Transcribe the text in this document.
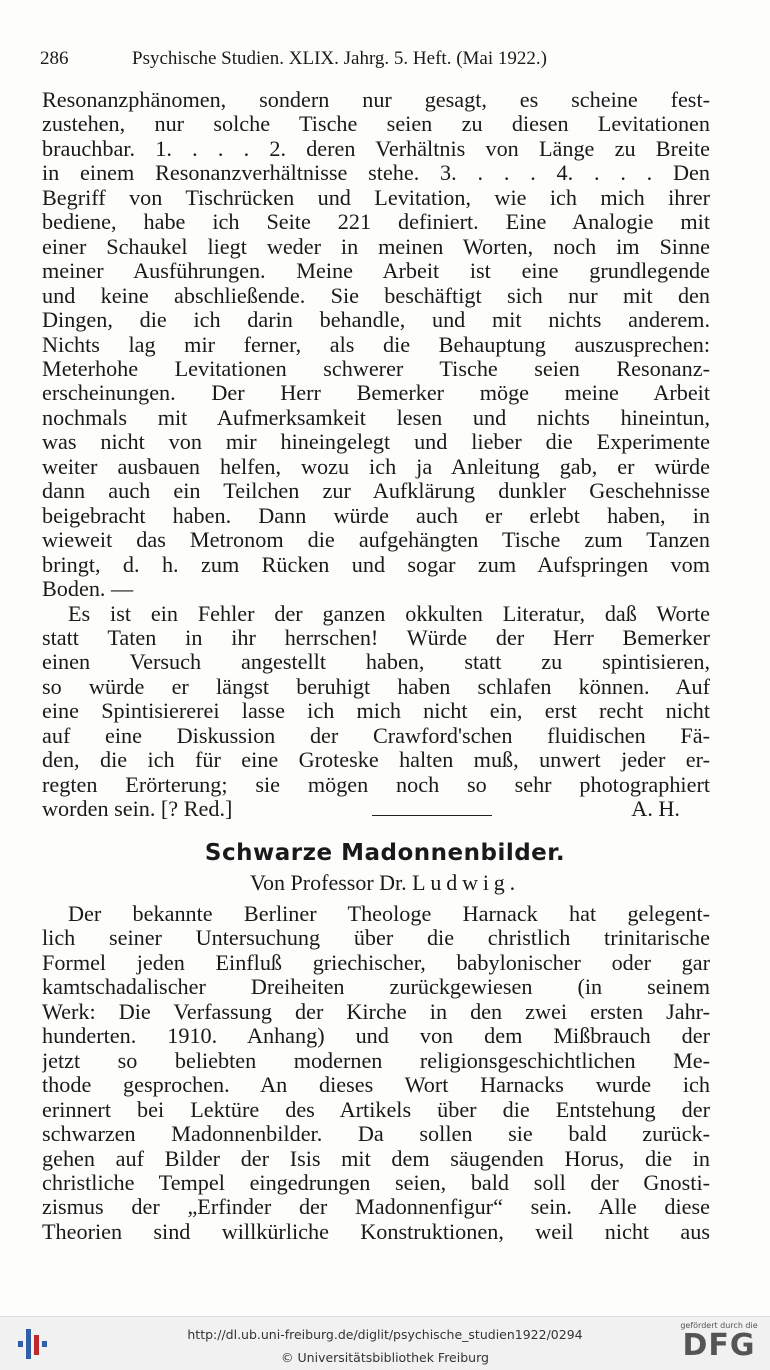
286	Psychische Studien. XLIX. Jahrg. 5. Heft. (Mai 1922.)
Resonanzphänomen, sondern nur gesagt, es scheine fest-
zustehen, nur solche Tische seien zu diesen Levitationen
brauchbar. 1. . . . 2. deren Verhältnis von Länge zu Breite
in einem Resonanzverhältnisse stehe. 3. . . . 4. . . . Den
Begriff von Tischrücken und Levitation, wie ich mich ihrer
bediene, habe ich Seite 221 definiert. Eine Analogie mit
einer Schaukel liegt weder in meinen Worten, noch im Sinne
meiner Ausführungen. Meine Arbeit ist eine grundlegende
und keine abschließende. Sie beschäftigt sich nur mit den
Dingen, die ich darin behandle, und mit nichts anderem.
Nichts lag mir ferner, als die Behauptung auszusprechen:
Meterhohe Levitationen schwerer Tische seien Resonanz-
erscheinungen. Der Herr Bemerker möge meine Arbeit
nochmals mit Aufmerksamkeit lesen und nichts hineintun,
was nicht von mir hineingelegt und lieber die Experimente
weiter ausbauen helfen, wozu ich ja Anleitung gab, er würde
dann auch ein Teilchen zur Aufklärung dunkler Geschehnisse
beigebracht haben. Dann würde auch er erlebt haben, in
wieweit das Metronom die aufgehängten Tische zum Tanzen
bringt, d. h. zum Rücken und sogar zum Aufspringen vom
Boden. —
Es ist ein Fehler der ganzen okkulten Literatur, daß Worte
statt Taten in ihr herrschen! Würde der Herr Bemerker
einen Versuch angestellt haben, statt zu spintisieren,
so würde er längst beruhigt haben schlafen können. Auf
eine Spintisiererei lasse ich mich nicht ein, erst recht nicht
auf eine Diskussion der Crawford'schen fluidischen Fä-
den, die ich für eine Groteske halten muß, unwert jeder er-
regten Erörterung; sie mögen noch so sehr photographiert
worden sein. [? Red.]	A. H.
Schwarze Madonnenbilder.
Von Professor Dr. Ludwig.
Der bekannte Berliner Theologe Harnack hat gelegent-
lich seiner Untersuchung über die christlich trinitarische
Formel jeden Einfluß griechischer, babylonischer oder gar
kamtschadalischer Dreiheiten zurückgewiesen (in seinem
Werk: Die Verfassung der Kirche in den zwei ersten Jahr-
hunderten. 1910. Anhang) und von dem Mißbrauch der
jetzt so beliebten modernen religionsgeschichtlichen Me-
thode gesprochen. An dieses Wort Harnacks wurde ich
erinnert bei Lektüre des Artikels über die Entstehung der
schwarzen Madonnenbilder. Da sollen sie bald zurück-
gehen auf Bilder der Isis mit dem säugenden Horus, die in
christliche Tempel eingedrungen seien, bald soll der Gnosti-
zismus der „Erfinder der Madonnenfigur“ sein. Alle diese
Theorien sind willkürliche Konstruktionen, weil nicht aus
http://dl.ub.uni-freiburg.de/diglit/psychische_studien1922/0294
© Universitätsbibliothek Freiburg
gefördert durch die
DFG
